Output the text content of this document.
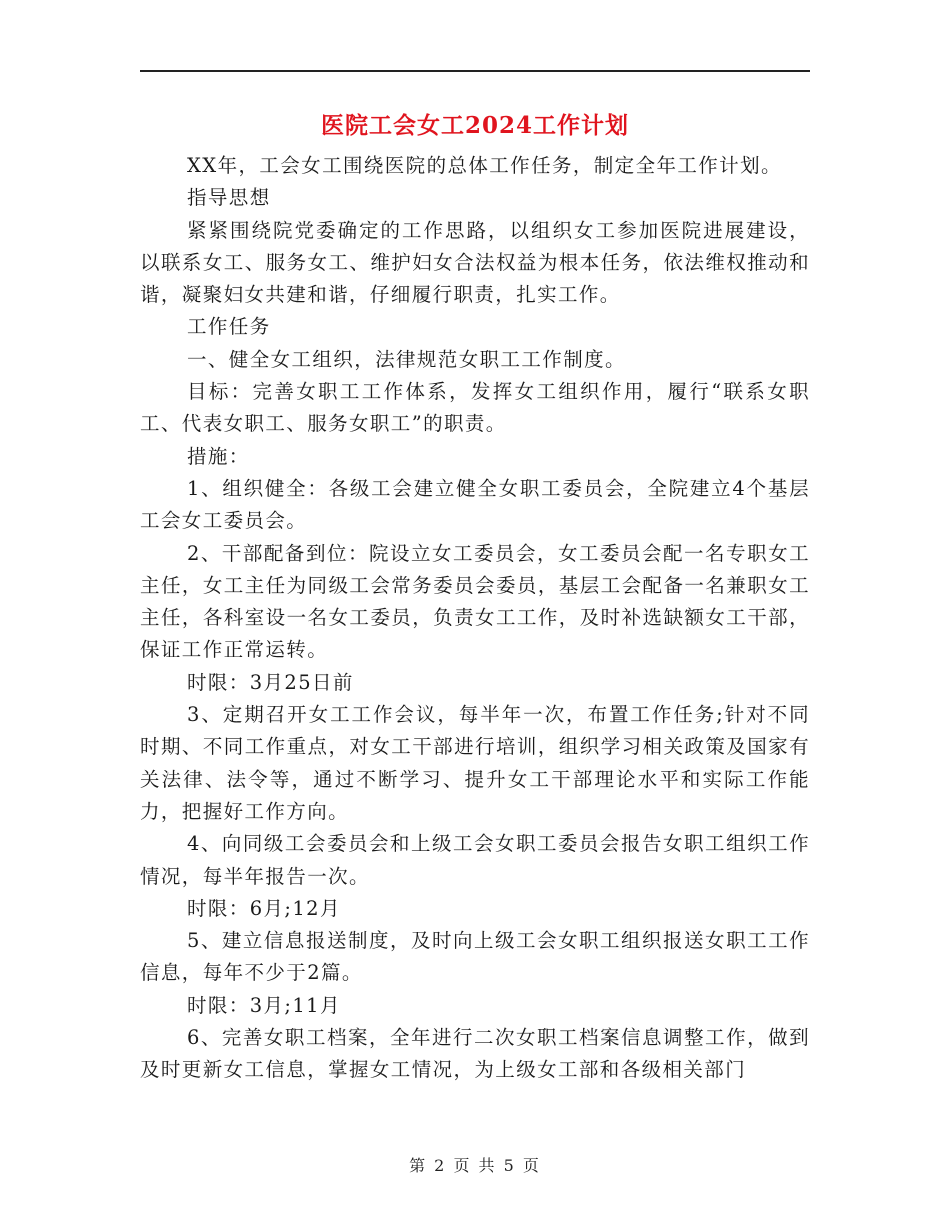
医院工会女工2024工作计划

XX年，工会女工围绕医院的总体工作任务，制定全年工作计划。

指导思想

紧紧围绕院党委确定的工作思路，以组织女工参加医院进展建设，以联系女工、服务女工、维护妇女合法权益为根本任务，依法维权推动和谐，凝聚妇女共建和谐，仔细履行职责，扎实工作。

工作任务

一、健全女工组织，法律规范女职工工作制度。

目标：完善女职工工作体系，发挥女工组织作用，履行“联系女职工、代表女职工、服务女职工”的职责。

措施：

1、组织健全：各级工会建立健全女职工委员会，全院建立4个基层工会女工委员会。

2、干部配备到位：院设立女工委员会，女工委员会配一名专职女工主任，女工主任为同级工会常务委员会委员，基层工会配备一名兼职女工主任，各科室设一名女工委员，负责女工工作，及时补选缺额女工干部，保证工作正常运转。

时限：3月25日前

3、定期召开女工工作会议，每半年一次，布置工作任务;针对不同时期、不同工作重点，对女工干部进行培训，组织学习相关政策及国家有关法律、法令等，通过不断学习、提升女工干部理论水平和实际工作能力，把握好工作方向。

4、向同级工会委员会和上级工会女职工委员会报告女职工组织工作情况，每半年报告一次。

时限：6月;12月

5、建立信息报送制度，及时向上级工会女职工组织报送女职工工作信息，每年不少于2篇。

时限：3月;11月

6、完善女职工档案，全年进行二次女职工档案信息调整工作，做到及时更新女工信息，掌握女工情况，为上级女工部和各级相关部门

第 2 页 共 5 页
